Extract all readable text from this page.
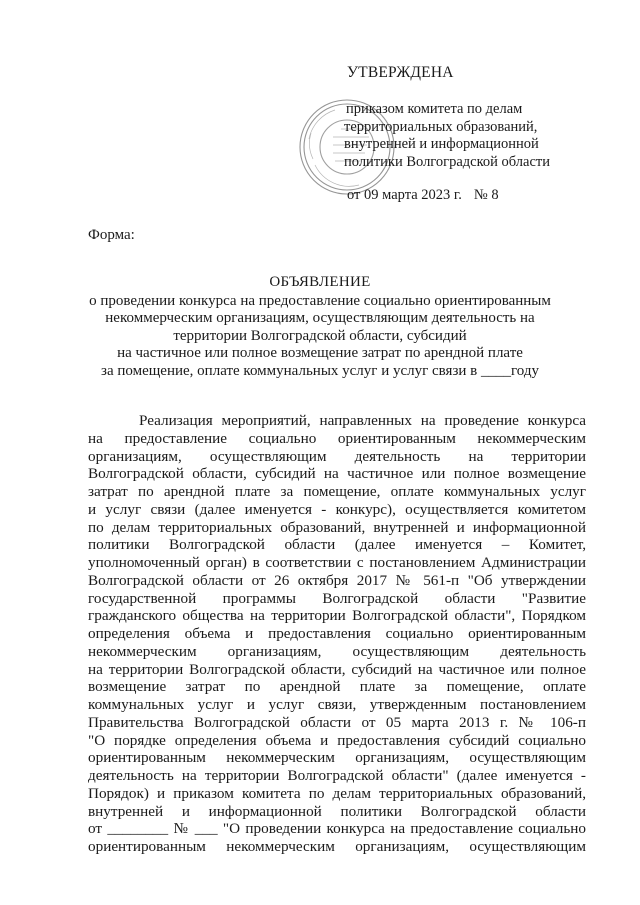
УТВЕРЖДЕНА
приказом комитета по делам
территориальных образований,
внутренней и информационной
политики Волгоградской области
от 09 марта 2023 г. № 8
Форма:
ОБЪЯВЛЕНИЕ
о проведении конкурса на предоставление социально ориентированным
некоммерческим организациям, осуществляющим деятельность на
территории Волгоградской области, субсидий
на частичное или полное возмещение затрат по арендной плате
за помещение, оплате коммунальных услуг и услуг связи в ____году
Реализация мероприятий, направленных на проведение конкурса
на предоставление социально ориентированным некоммерческим
организациям, осуществляющим деятельность на территории
Волгоградской области, субсидий на частичное или полное возмещение
затрат по арендной плате за помещение, оплате коммунальных услуг
и услуг связи (далее именуется - конкурс), осуществляется комитетом
по делам территориальных образований, внутренней и информационной
политики Волгоградской области (далее именуется – Комитет,
уполномоченный орган) в соответствии с постановлением Администрации
Волгоградской области от 26 октября 2017 № 561-п "Об утверждении
государственной программы Волгоградской области "Развитие
гражданского общества на территории Волгоградской области", Порядком
определения объема и предоставления социально ориентированным
некоммерческим организациям, осуществляющим деятельность
на территории Волгоградской области, субсидий на частичное или полное
возмещение затрат по арендной плате за помещение, оплате
коммунальных услуг и услуг связи, утвержденным постановлением
Правительства Волгоградской области от 05 марта 2013 г. № 106-п
"О порядке определения объема и предоставления субсидий социально
ориентированным некоммерческим организациям, осуществляющим
деятельность на территории Волгоградской области" (далее именуется -
Порядок) и приказом комитета по делам территориальных образований,
внутренней и информационной политики Волгоградской области
от ________ № ___ "О проведении конкурса на предоставление социально
ориентированным некоммерческим организациям, осуществляющим
